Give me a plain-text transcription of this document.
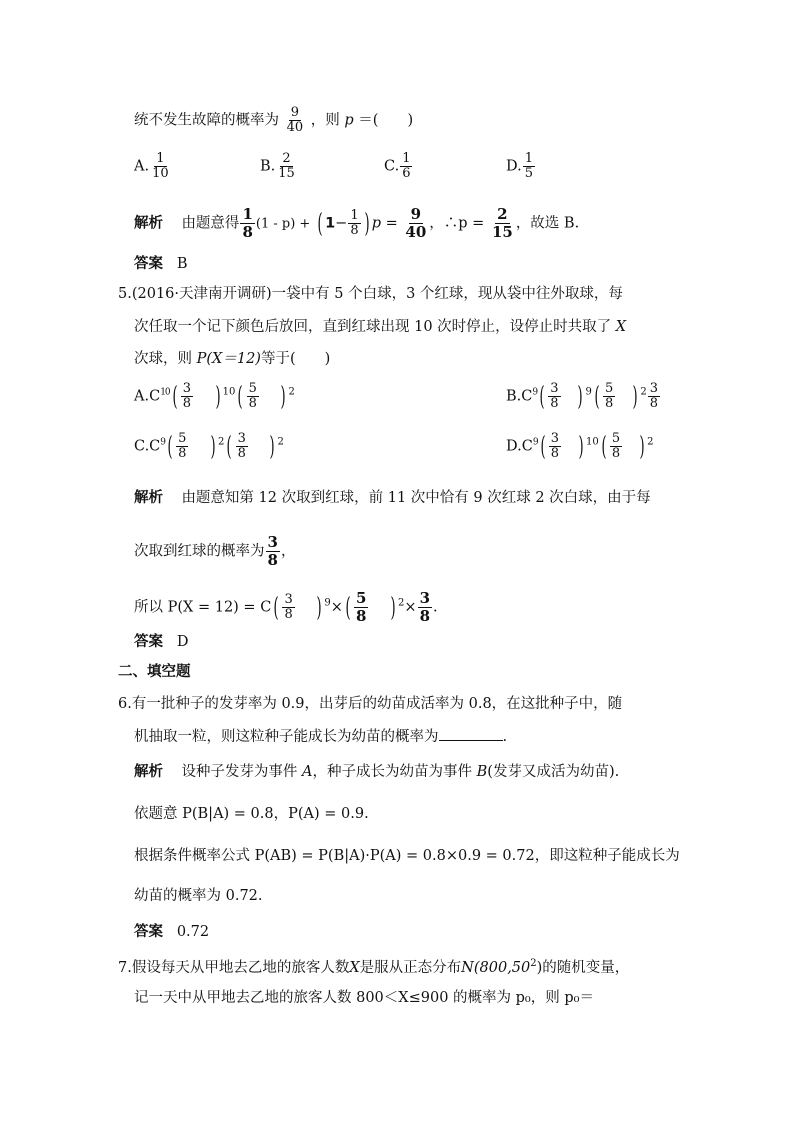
统不发生故障的概率为 $\frac{9}{40}$ ，则 p ＝(　　)
A. $\frac{1}{10}$	B. $\frac{2}{15}$	C. $\frac{1}{6}$	D. $\frac{1}{5}$
解析 由题意得 $\frac{1}{8} (1 - p)$ + ( $1- \frac{1}{8}$ ) $p = \frac{9}{40}$ ，∴p = $\frac{2}{15}$ ，故选 B.
答案 B
5.(2016·天津南开调研)一袋中有 5 个白球，3 个红球，现从袋中往外取球，每
次任取一个记下颜色后放回，直到红球出现 10 次时停止，设停止时共取了 X
次球，则 P(X＝12)等于(　　)
$A.C^{10}( \frac{3}{8}$ ) $^{10}( \frac{5}{8}$ ) $^2$	$B.C^9( \frac{3}{8}$ ) $^9( \frac{5}{8}$ ) $^2 \frac{3}{8}$
$C.C^9( \frac{5}{8}$ ) $^2( \frac{3}{8}$ ) $^2$	$D.C^9( \frac{3}{8}$ ) $^{10}( \frac{5}{8}$ ) $^2$
解析 由题意知第 12 次取到红球，前 11 次中恰有 9 次红球 2 次白球，由于每
次取到红球的概率为 $\frac{3}{8}$ ，
所以 $P(X = 12) = C( \frac{3}{8}$ ) $^9\times( \frac{5}{8}$ ) $^2\times \frac{3}{8}$ .
答案 D
二、填空题
6.有一批种子的发芽率为 0.9，出芽后的幼苗成活率为 0.8，在这批种子中，随
机抽取一粒，则这粒种子能成长为幼苗的概率为	.
解析 设种子发芽为事件 A，种子成长为幼苗为事件 B(发芽又成活为幼苗).
依题意 P(B|A) = 0.8，P(A) = 0.9.
根据条件概率公式 P(AB) = P(B|A)·P(A) = 0.8×0.9 = 0.72，即这粒种子能成长为
幼苗的概率为 0.72.
答案 0.72
7.假设每天从甲地去乙地的旅客人数X是服从正态分布N(800,50$^2$)的随机变量，
记一天中从甲地去乙地的旅客人数 800＜X≤900 的概率为 p₀，则 p₀＝
